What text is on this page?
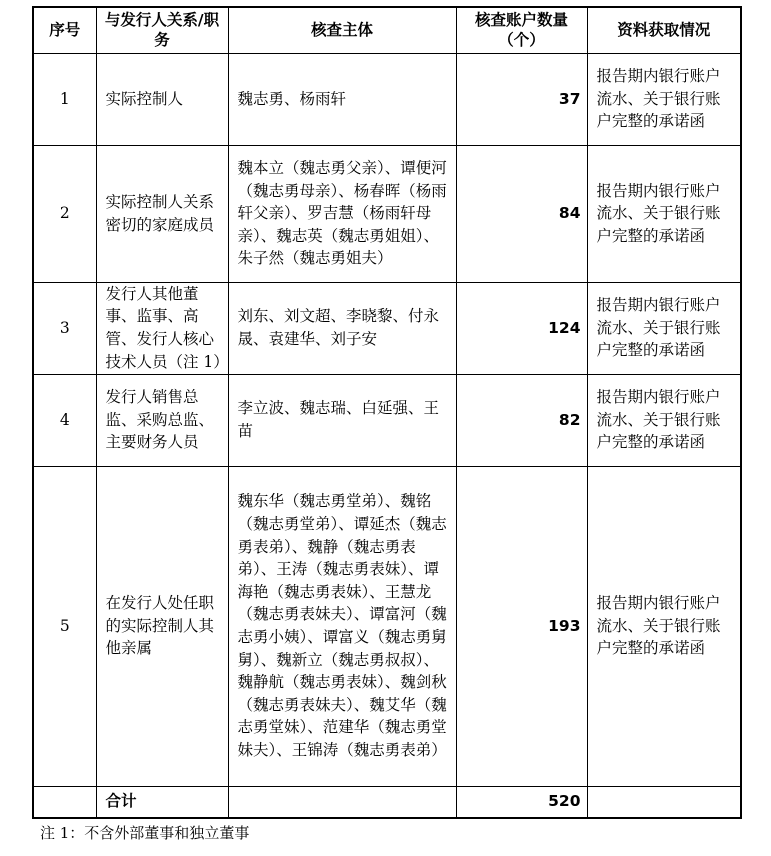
序号	与发行人关系/职务	核查主体	核查账户数量（个）	资料获取情况
1	实际控制人	魏志勇、杨雨轩	37	报告期内银行账户流水、关于银行账户完整的承诺函
2	实际控制人关系密切的家庭成员	魏本立（魏志勇父亲）、谭便河（魏志勇母亲）、杨春晖（杨雨轩父亲）、罗吉慧（杨雨轩母亲）、魏志英（魏志勇姐姐）、朱子然（魏志勇姐夫）	84	报告期内银行账户流水、关于银行账户完整的承诺函
3	发行人其他董事、监事、高管、发行人核心技术人员（注 1）	刘东、刘文超、李晓黎、付永晟、袁建华、刘子安	124	报告期内银行账户流水、关于银行账户完整的承诺函
4	发行人销售总监、采购总监、主要财务人员	李立波、魏志瑞、白延强、王苗	82	报告期内银行账户流水、关于银行账户完整的承诺函
5	在发行人处任职的实际控制人其他亲属	魏东华（魏志勇堂弟）、魏铭（魏志勇堂弟）、谭延杰（魏志勇表弟）、魏静（魏志勇表弟）、王涛（魏志勇表妹）、谭海艳（魏志勇表妹）、王慧龙（魏志勇表妹夫）、谭富河（魏志勇小姨）、谭富义（魏志勇舅舅）、魏新立（魏志勇叔叔）、魏静航（魏志勇表妹）、魏剑秋（魏志勇表妹夫）、魏艾华（魏志勇堂妹）、范建华（魏志勇堂妹夫）、王锦涛（魏志勇表弟）	193	报告期内银行账户流水、关于银行账户完整的承诺函
	合计		520	
注 1：不含外部董事和独立董事
